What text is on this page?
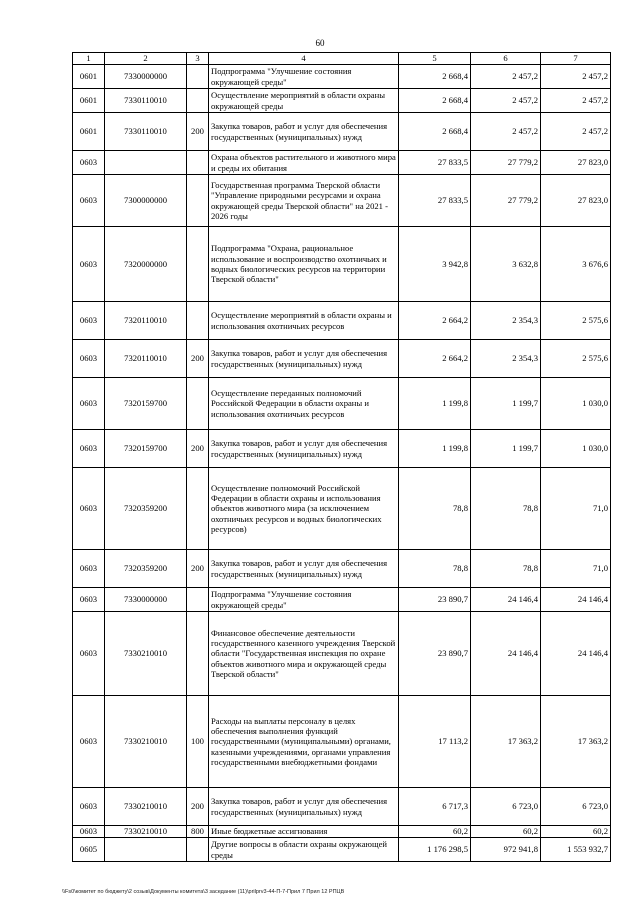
60
1	2	3	4	5	6	7
0601	7330000000		Подпрограмма "Улучшение состояния окружающей среды"	2 668,4	2 457,2	2 457,2
0601	7330110010		Осуществление мероприятий в области охраны окружающей среды	2 668,4	2 457,2	2 457,2
0601	7330110010	200	Закупка товаров, работ и услуг для обеспечения государственных (муниципальных) нужд	2 668,4	2 457,2	2 457,2
0603			Охрана объектов растительного и животного мира и среды их обитания	27 833,5	27 779,2	27 823,0
0603	7300000000		Государственная программа Тверской области "Управление природными ресурсами и охрана окружающей среды Тверской области" на 2021 - 2026 годы	27 833,5	27 779,2	27 823,0
0603	7320000000		Подпрограмма "Охрана, рациональное использование и воспроизводство охотничьих и водных биологических ресурсов на территории Тверской области"	3 942,8	3 632,8	3 676,6
0603	7320110010		Осуществление мероприятий в области охраны и использования охотничьих ресурсов	2 664,2	2 354,3	2 575,6
0603	7320110010	200	Закупка товаров, работ и услуг для обеспечения государственных (муниципальных) нужд	2 664,2	2 354,3	2 575,6
0603	7320159700		Осуществление переданных полномочий Российской Федерации в области охраны и использования охотничьих ресурсов	1 199,8	1 199,7	1 030,0
0603	7320159700	200	Закупка товаров, работ и услуг для обеспечения государственных (муниципальных) нужд	1 199,8	1 199,7	1 030,0
0603	7320359200		Осуществление полномочий Российской Федерации в области охраны и использования объектов животного мира (за исключением охотничьих ресурсов и водных биологических ресурсов)	78,8	78,8	71,0
0603	7320359200	200	Закупка товаров, работ и услуг для обеспечения государственных (муниципальных) нужд	78,8	78,8	71,0
0603	7330000000		Подпрограмма "Улучшение состояния окружающей среды"	23 890,7	24 146,4	24 146,4
0603	7330210010		Финансовое обеспечение деятельности государственного казенного учреждения Тверской области "Государственная инспекция по охране объектов животного мира и окружающей среды Тверской области"	23 890,7	24 146,4	24 146,4
0603	7330210010	100	Расходы на выплаты персоналу в целях обеспечения выполнения функций государственными (муниципальными) органами, казенными учреждениями, органами управления государственными внебюджетными фондами	17 113,2	17 363,2	17 363,2
0603	7330210010	200	Закупка товаров, работ и услуг для обеспечения государственных (муниципальных) нужд	6 717,3	6 723,0	6 723,0
0603	7330210010	800	Иные бюджетные ассигнования	60,2	60,2	60,2
0605			Другие вопросы в области охраны окружающей среды	1 176 298,5	972 941,8	1 553 932,7
\\Fs0\комитет по бюджету\2 созыв\Документы комитета\3 заседание (11)\prilprv3-44-П-7-Прил 7 Прил 12 РПЦВ
